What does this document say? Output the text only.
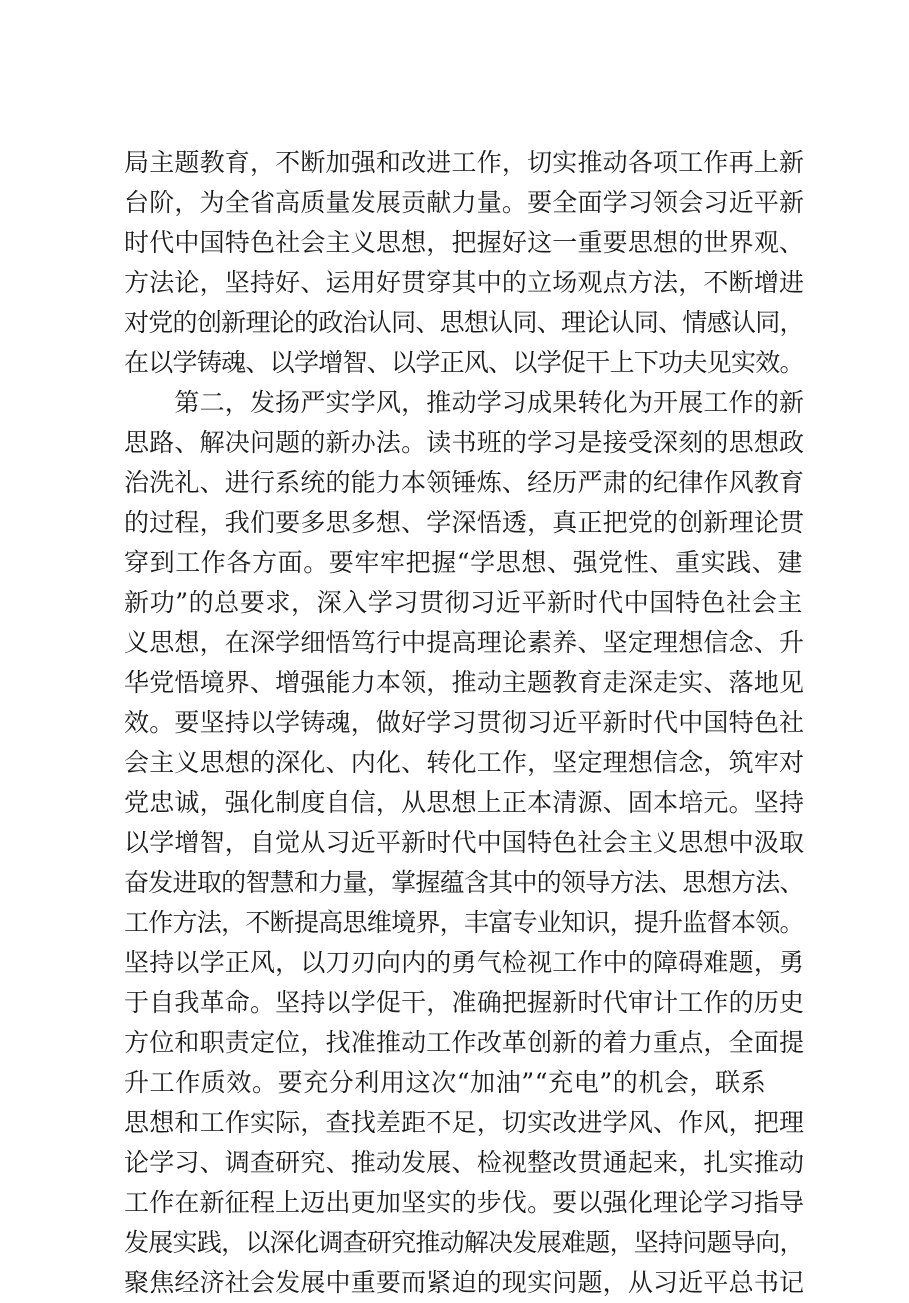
局主题教育，不断加强和改进工作，切实推动各项工作再上新
台阶，为全省高质量发展贡献力量。要全面学习领会习近平新
时代中国特色社会主义思想，把握好这一重要思想的世界观、
方法论，坚持好、运用好贯穿其中的立场观点方法，不断增进
对党的创新理论的政治认同、思想认同、理论认同、情感认同，
在以学铸魂、以学增智、以学正风、以学促干上下功夫见实效。
　　第二，发扬严实学风，推动学习成果转化为开展工作的新
思路、解决问题的新办法。读书班的学习是接受深刻的思想政
治洗礼、进行系统的能力本领锤炼、经历严肃的纪律作风教育
的过程，我们要多思多想、学深悟透，真正把党的创新理论贯
穿到工作各方面。要牢牢把握“学思想、强党性、重实践、建
新功”的总要求，深入学习贯彻习近平新时代中国特色社会主
义思想，在深学细悟笃行中提高理论素养、坚定理想信念、升
华党悟境界、增强能力本领，推动主题教育走深走实、落地见
效。要坚持以学铸魂，做好学习贯彻习近平新时代中国特色社
会主义思想的深化、内化、转化工作，坚定理想信念，筑牢对
党忠诚，强化制度自信，从思想上正本清源、固本培元。坚持
以学增智，自觉从习近平新时代中国特色社会主义思想中汲取
奋发进取的智慧和力量，掌握蕴含其中的领导方法、思想方法、
工作方法，不断提高思维境界，丰富专业知识，提升监督本领。
坚持以学正风，以刀刃向内的勇气检视工作中的障碍难题，勇
于自我革命。坚持以学促干，准确把握新时代审计工作的历史
方位和职责定位，找准推动工作改革创新的着力重点，全面提
升工作质效。要充分利用这次“加油”“充电”的机会，联系
思想和工作实际，查找差距不足，切实改进学风、作风，把理
论学习、调查研究、推动发展、检视整改贯通起来，扎实推动
工作在新征程上迈出更加坚实的步伐。要以强化理论学习指导
发展实践，以深化调查研究推动解决发展难题，坚持问题导向，
聚焦经济社会发展中重要而紧迫的现实问题，从习近平总书记
